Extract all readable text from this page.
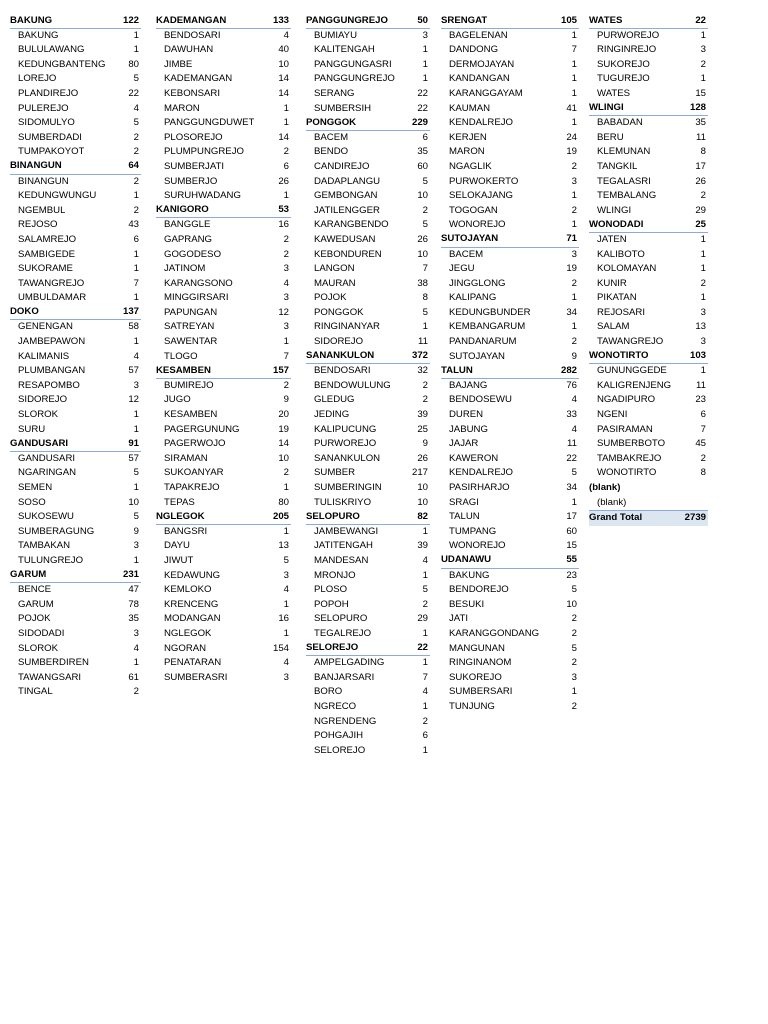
BAKUNG	122
BAKUNG	1
BULULAWANG	1
KEDUNGBANTENG 80
LOREJO	5
PLANDIREJO	22
PULEREJO	4
SIDOMULYO	5
SUMBERDADI	2
TUMPAKOYOT	2
BINANGUN	64
BINANGUN	2
KEDUNGWUNGU	1
NGEMBUL	2
REJOSO	43
SALAMREJO	6
SAMBIGEDE	1
SUKORAME	1
TAWANGREJO	7
UMBULDAMAR	1
DOKO	137
GENENGAN	58
JAMBEPAWON	1
KALIMANIS	4
PLUMBANGAN	57
RESAPOMBO	3
SIDOREJO	12
SLOROK	1
SURU	1
GANDUSARI	91
GANDUSARI	57
NGARINGAN	5
SEMEN	1
SOSO	10
SUKOSEWU	5
SUMBERAGUNG	9
TAMBAKAN	3
TULUNGREJO	1
GARUM	231
BENCE	47
GARUM	78
POJOK	35
SIDODADI	3
SLOROK	4
SUMBERDIREN	1
TAWANGSARI	61
TINGAL	2
KADEMANGAN	133
BENDOSARI	4
DAWUHAN	40
JIMBE	10
KADEMANGAN	14
KEBONSARI	14
MARON	1
PANGGUNGDUWET	1
PLOSOREJO	14
PLUMPUNGREJO	2
SUMBERJATI	6
SUMBERJO	26
SURUHWADANG	1
KANIGORO	53
BANGGLE	16
GAPRANG	2
GOGODESO	2
JATINOM	3
KARANGSONO	4
MINGGIRSARI	3
PAPUNGAN	12
SATREYAN	3
SAWENTAR	1
TLOGO	7
KESAMBEN	157
BUMIREJO	2
JUGO	9
KESAMBEN	20
PAGERGUNUNG	19
PAGERWOJO	14
SIRAMAN	10
SUKOANYAR	2
TAPAKREJO	1
TEPAS	80
NGLEGOK	205
BANGSRI	1
DAYU	13
JIWUT	5
KEDAWUNG	3
KEMLOKO	4
KRENCENG	1
MODANGAN	16
NGLEGOK	1
NGORAN	154
PENATARAN	4
SUMBERASRI	3
PANGGUNGREJO	50
BUMIAYU	3
KALITENGAH	1
PANGGUNGASRI	1
PANGGUNGREJO	1
SERANG	22
SUMBERSIH	22
PONGGOK	229
BACEM	6
BENDO	35
CANDIREJO	60
DADAPLANGU	5
GEMBONGAN	10
JATILENGGER	2
KARANGBENDO	5
KAWEDUSAN	26
KEBONDUREN	10
LANGON	7
MAURAN	38
POJOK	8
PONGGOK	5
RINGINANYAR	1
SIDOREJO	11
SANANKULON	372
BENDOSARI	32
BENDOWULUNG	2
GLEDUG	2
JEDING	39
KALIPUCUNG	25
PURWOREJO	9
SANANKULON	26
SUMBER	217
SUMBERINGIN	10
TULISKRIYO	10
SELOPURO	82
JAMBEWANGI	1
JATITENGAH	39
MANDESAN	4
MRONJO	1
PLOSO	5
POPOH	2
SELOPURO	29
TEGALREJO	1
SELOREJO	22
AMPELGADING	1
BANJARSARI	7
BORO	4
NGRECO	1
NGRENDENG	2
POHGAJIH	6
SELOREJO	1
SRENGAT	105
BAGELENAN	1
DANDONG	7
DERMOJAYAN	1
KANDANGAN	1
KARANGGAYAM	1
KAUMAN	41
KENDALREJO	1
KERJEN	24
MARON	19
NGAGLIK	2
PURWOKERTO	3
SELOKAJANG	1
TOGOGAN	2
WONOREJO	1
SUTOJAYAN	71
BACEM	3
JEGU	19
JINGGLONG	2
KALIPANG	1
KEDUNGBUNDER	34
KEMBANGARUM	1
PANDANARUM	2
SUTOJAYAN	9
TALUN	282
BAJANG	76
BENDOSEWU	4
DUREN	33
JABUNG	4
JAJAR	11
KAWERON	22
KENDALREJO	5
PASIRHARJO	34
SRAGI	1
TALUN	17
TUMPANG	60
WONOREJO	15
UDANAWU	55
BAKUNG	23
BENDOREJO	5
BESUKI	10
JATI	2
KARANGGONDANG	2
MANGUNAN	5
RINGINANOM	2
SUKOREJO	3
SUMBERSARI	1
TUNJUNG	2
WATES	22
PURWOREJO	1
RINGINREJO	3
SUKOREJO	2
TUGUREJO	1
WATES	15
WLINGI	128
BABADAN	35
BERU	11
KLEMUNAN	8
TANGKIL	17
TEGALASRI	26
TEMBALANG	2
WLINGI	29
WONODADI	25
JATEN	1
KALIBOTO	1
KOLOMAYAN	1
KUNIR	2
PIKATAN	1
REJOSARI	3
SALAM	13
TAWANGREJO	3
WONOTIRTO	103
GUNUNGGEDE	1
KALIGRENJENG	11
NGADIPURO	23
NGENI	6
PASIRAMAN	7
SUMBERBOTO	45
TAMBAKREJO	2
WONOTIRTO	8
(blank)
(blank)
Grand Total	2739
